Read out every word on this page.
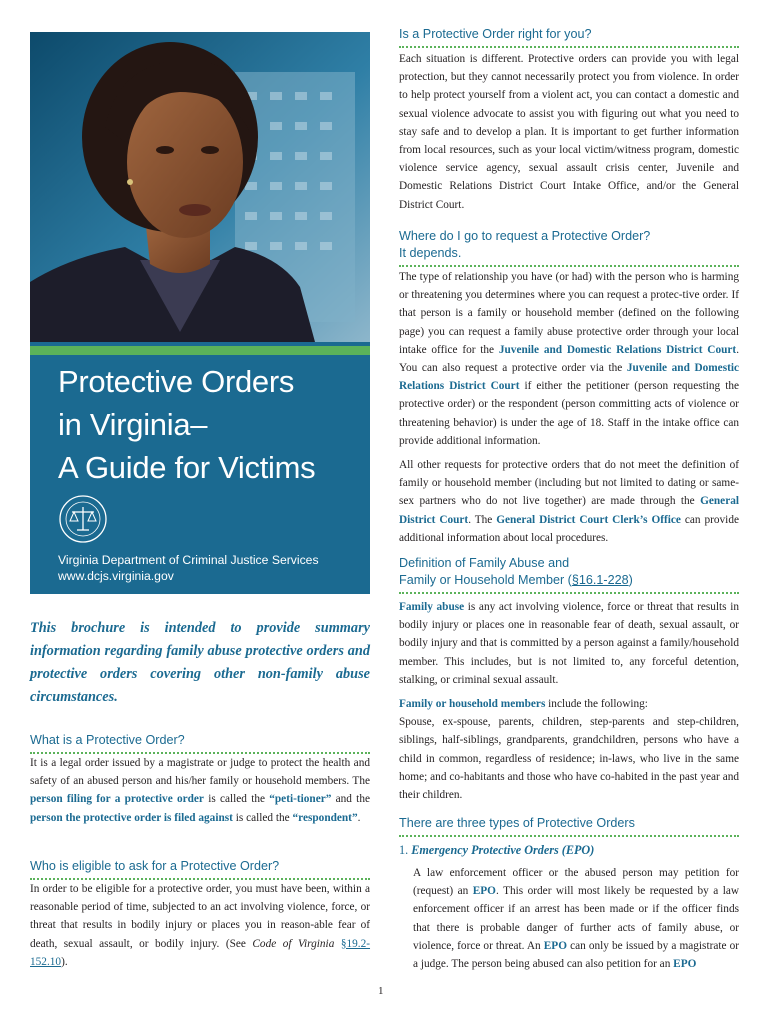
Protective Orders
in Virginia–
A Guide for Victims
Virginia Department of Criminal Justice Services
www.dcjs.virginia.gov
This brochure is intended to provide summary information regarding family abuse protective orders and protective orders covering other non-family abuse circumstances.
What is a Protective Order?

It is a legal order issued by a magistrate or judge to protect the health and safety of an abused person and his/her family or household members. The person filing for a protective order is called the “peti-tioner” and the person the protective order is filed against is called the “respondent”.

Who is eligible to ask for a Protective Order?

In order to be eligible for a protective order, you must have been, within a reasonable period of time, subjected to an act involving violence, force, or threat that results in bodily injury or places you in reason-able fear of death, sexual assault, or bodily injury. (See Code of Virginia §19.2-152.10).

Is a Protective Order right for you?

Each situation is different. Protective orders can provide you with legal protection, but they cannot necessarily protect you from violence. In order to help protect yourself from a violent act, you can contact a domestic and sexual violence advocate to assist you with figuring out what you need to stay safe and to develop a plan. It is important to get further information from local resources, such as your local victim/witness program, domestic violence service agency, sexual assault crisis center, Juvenile and Domestic Relations District Court Intake Office, and/or the General District Court.

Where do I go to request a Protective Order?
It depends.

The type of relationship you have (or had) with the person who is harming or threatening you determines where you can request a protec-tive order. If that person is a family or household member (defined on the following page) you can request a family abuse protective order through your local intake office for the Juvenile and Domestic Relations District Court. You can also request a protective order via the Juvenile and Domestic Relations District Court if either the petitioner (person requesting the protective order) or the respondent (person committing acts of violence or threatening behavior) is under the age of 18. Staff in the intake office can provide additional information.

All other requests for protective orders that do not meet the definition of family or household member (including but not limited to dating or same-sex partners who do not live together) are made through the General District Court. The General District Court Clerk’s Office can provide additional information about local procedures.

Definition of Family Abuse and
Family or Household Member (§16.1-228)

Family abuse is any act involving violence, force or threat that results in bodily injury or places one in reasonable fear of death, sexual assault, or bodily injury and that is committed by a person against a family/household member. This includes, but is not limited to, any forceful detention, stalking, or criminal sexual assault.

Family or household members include the following:

Spouse, ex-spouse, parents, children, step-parents and step-children, siblings, half-siblings, grandparents, grandchildren, persons who have a child in common, regardless of residence; in-laws, who live in the same home; and co-habitants and those who have co-habited in the past year and their children.

There are three types of Protective Orders
1. Emergency Protective Orders (EPO)

A law enforcement officer or the abused person may petition for (request) an EPO. This order will most likely be requested by a law enforcement officer if an arrest has been made or if the officer finds that there is probable danger of further acts of family abuse, or violence, force or threat. An EPO can only be issued by a magistrate or a judge. The person being abused can also petition for an EPO

1
